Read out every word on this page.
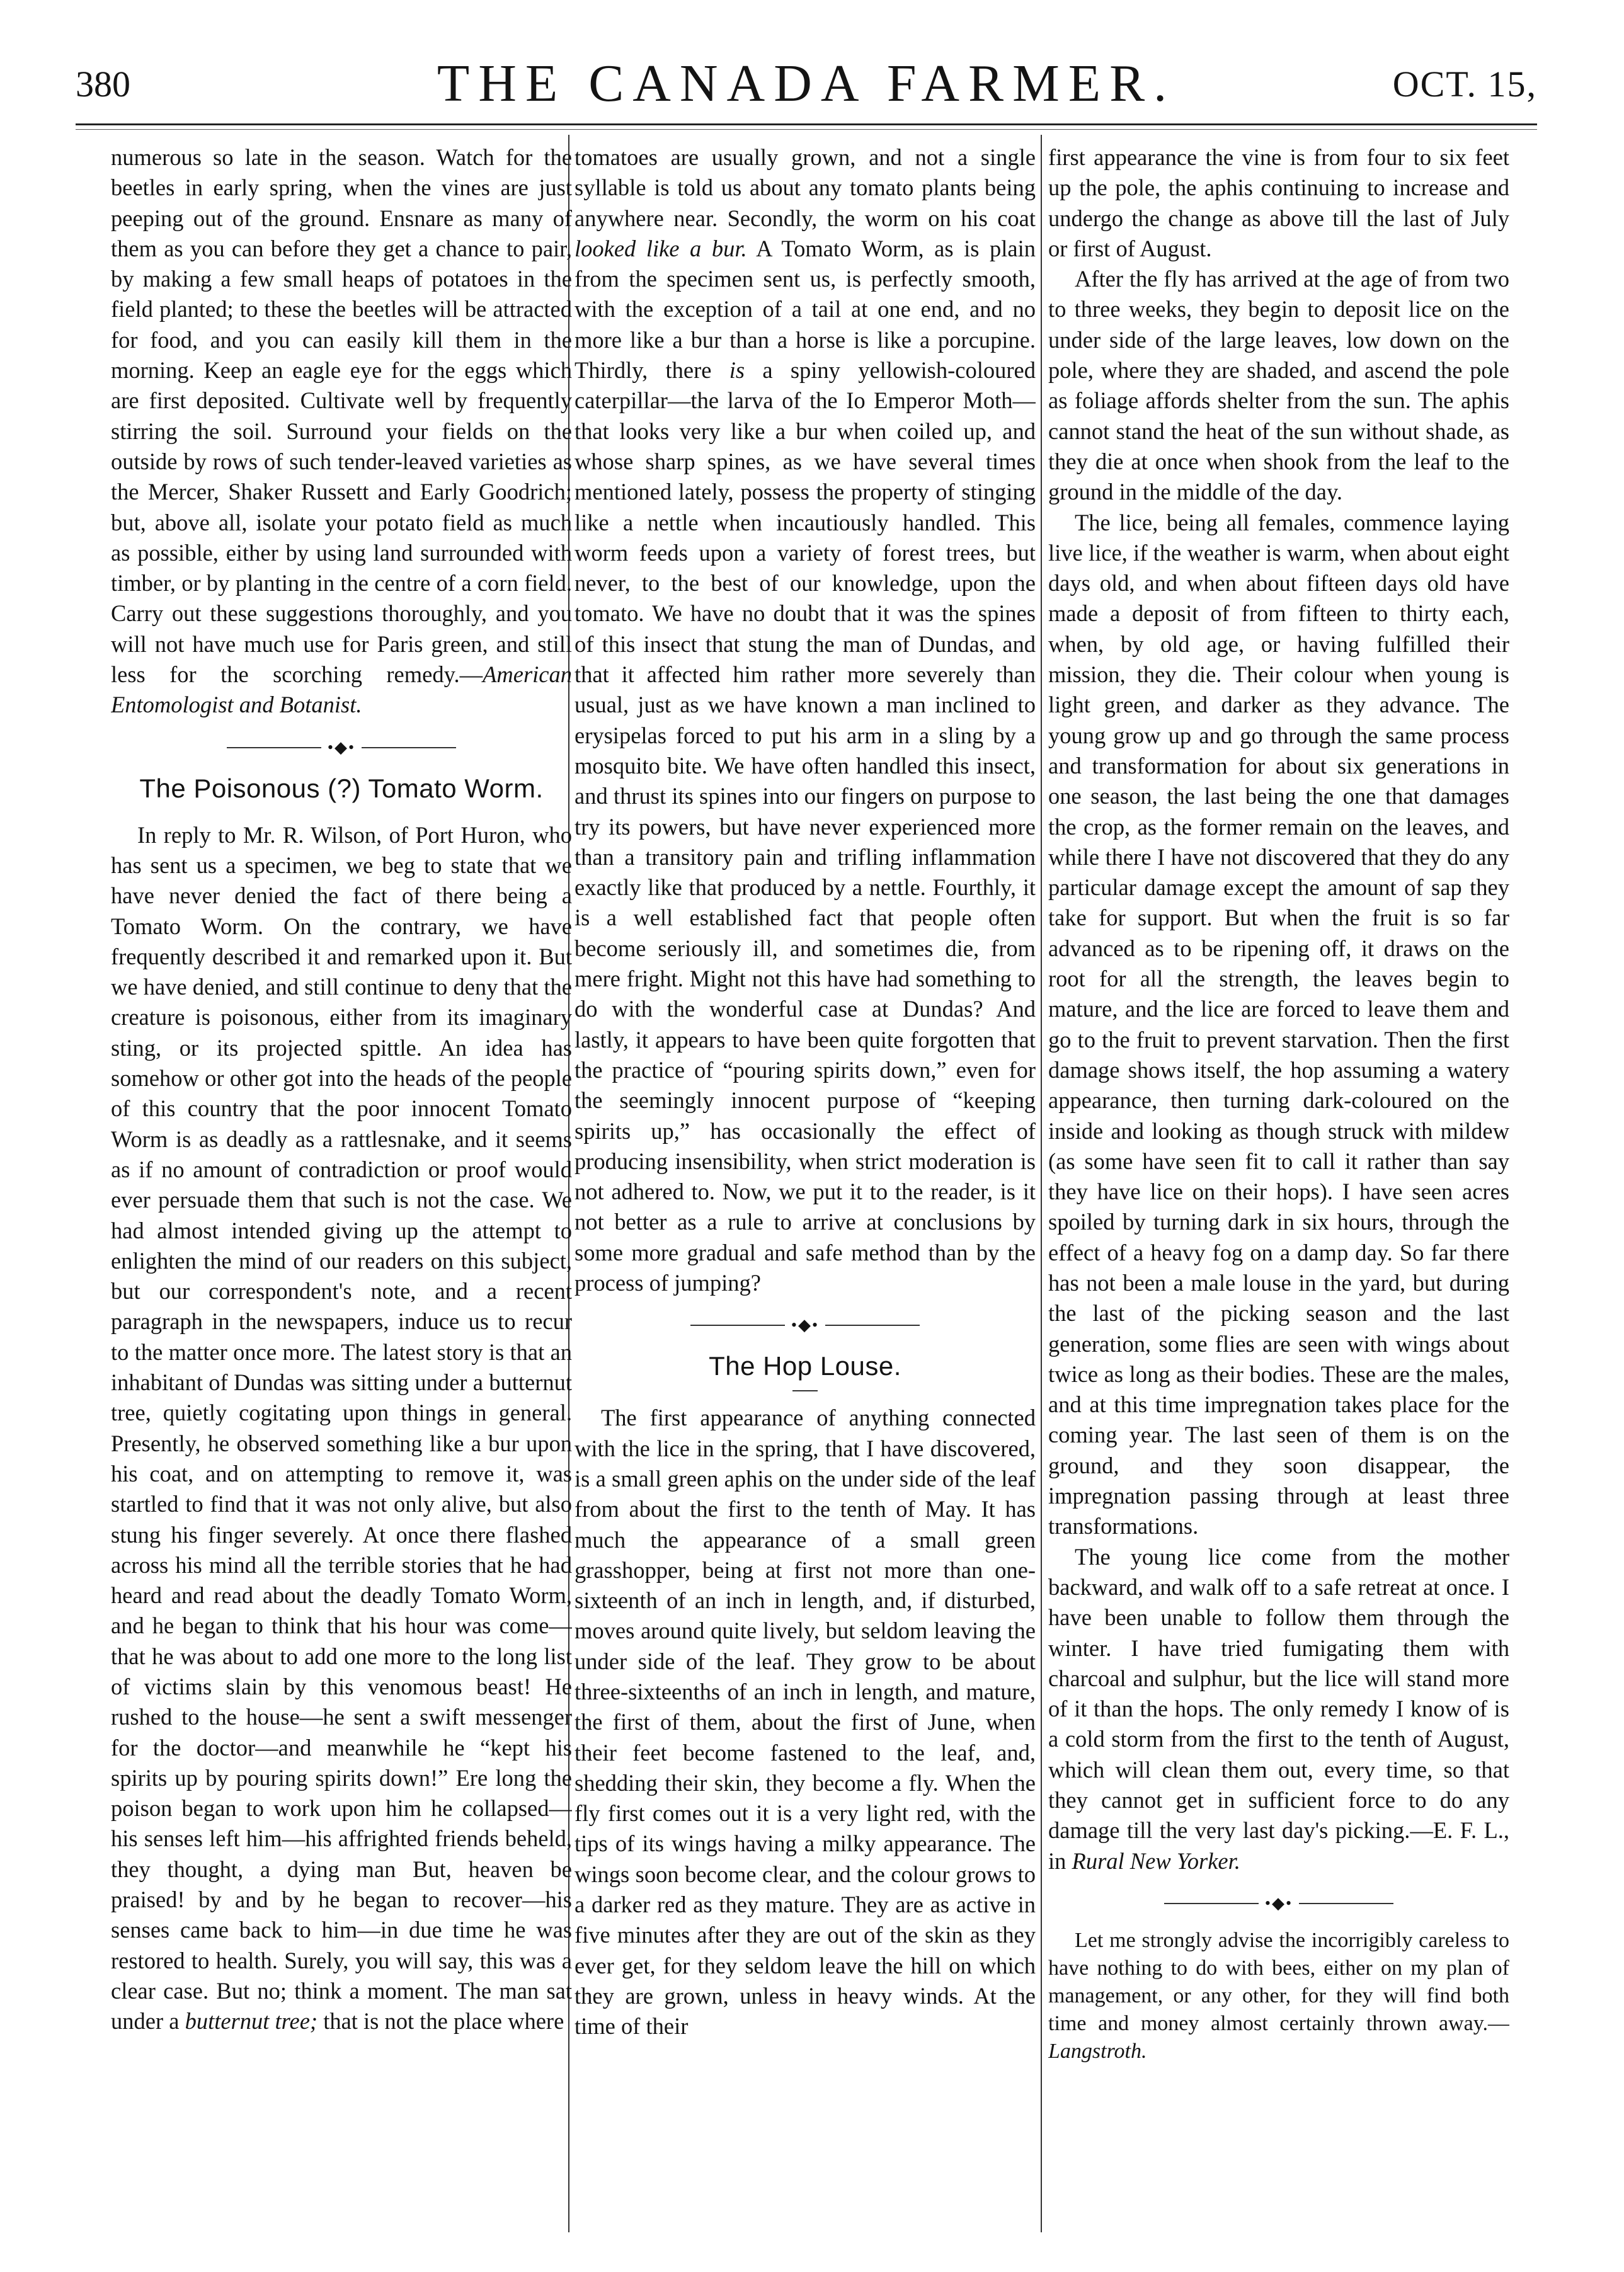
380	THE CANADA FARMER.	OCT. 15,

numerous so late in the season. Watch for the beetles in early spring, when the vines are just peeping out of the ground. Ensnare as many of them as you can before they get a chance to pair, by making a few small heaps of potatoes in the field planted; to these the beetles will be attracted for food, and you can easily kill them in the morning. Keep an eagle eye for the eggs which are first deposited. Cultivate well by frequently stirring the soil. Surround your fields on the outside by rows of such tender-leaved varieties as the Mercer, Shaker Russett and Early Goodrich; but, above all, isolate your potato field as much as possible, either by using land surrounded with timber, or by planting in the centre of a corn field. Carry out these suggestions thoroughly, and you will not have much use for Paris green, and still less for the scorching remedy.—American Entomologist and Botanist.

•◆•
The Poisonous (?) Tomato Worm.

In reply to Mr. R. Wilson, of Port Huron, who has sent us a specimen, we beg to state that we have never denied the fact of there being a Tomato Worm. On the contrary, we have frequently described it and remarked upon it. But we have denied, and still continue to deny that the creature is poisonous, either from its imaginary sting, or its projected spittle. An idea has somehow or other got into the heads of the people of this country that the poor innocent Tomato Worm is as deadly as a rattlesnake, and it seems as if no amount of contradiction or proof would ever persuade them that such is not the case. We had almost intended giving up the attempt to enlighten the mind of our readers on this subject, but our correspondent's note, and a recent paragraph in the newspapers, induce us to recur to the matter once more. The latest story is that an inhabitant of Dundas was sitting under a butternut tree, quietly cogitating upon things in general. Presently, he observed something like a bur upon his coat, and on attempting to remove it, was startled to find that it was not only alive, but also stung his finger severely. At once there flashed across his mind all the terrible stories that he had heard and read about the deadly Tomato Worm, and he began to think that his hour was come—that he was about to add one more to the long list of victims slain by this venomous beast! He rushed to the house—he sent a swift messenger for the doctor—and meanwhile he “kept his spirits up by pouring spirits down!” Ere long the poison began to work upon him he collapsed—his senses left him—his affrighted friends beheld, they thought, a dying man But, heaven be praised! by and by he began to recover—his senses came back to him—in due time he was restored to health. Surely, you will say, this was a clear case. But no; think a moment. The man sat under a butternut tree; that is not the place where

tomatoes are usually grown, and not a single syllable is told us about any tomato plants being anywhere near. Secondly, the worm on his coat looked like a bur. A Tomato Worm, as is plain from the specimen sent us, is perfectly smooth, with the exception of a tail at one end, and no more like a bur than a horse is like a porcupine. Thirdly, there is a spiny yellowish-coloured caterpillar—the larva of the Io Emperor Moth—that looks very like a bur when coiled up, and whose sharp spines, as we have several times mentioned lately, possess the property of stinging like a nettle when incautiously handled. This worm feeds upon a variety of forest trees, but never, to the best of our knowledge, upon the tomato. We have no doubt that it was the spines of this insect that stung the man of Dundas, and that it affected him rather more severely than usual, just as we have known a man inclined to erysipelas forced to put his arm in a sling by a mosquito bite. We have often handled this insect, and thrust its spines into our fingers on purpose to try its powers, but have never experienced more than a transitory pain and trifling inflammation exactly like that produced by a nettle. Fourthly, it is a well established fact that people often become seriously ill, and sometimes die, from mere fright. Might not this have had something to do with the wonderful case at Dundas? And lastly, it appears to have been quite forgotten that the practice of “pouring spirits down,” even for the seemingly innocent purpose of “keeping spirits up,” has occasionally the effect of producing insensibility, when strict moderation is not adhered to. Now, we put it to the reader, is it not better as a rule to arrive at conclusions by some more gradual and safe method than by the process of jumping?

•◆•
The Hop Louse.

The first appearance of anything connected with the lice in the spring, that I have discovered, is a small green aphis on the under side of the leaf from about the first to the tenth of May. It has much the appearance of a small green grasshopper, being at first not more than one-sixteenth of an inch in length, and, if disturbed, moves around quite lively, but seldom leaving the under side of the leaf. They grow to be about three-sixteenths of an inch in length, and mature, the first of them, about the first of June, when their feet become fastened to the leaf, and, shedding their skin, they become a fly. When the fly first comes out it is a very light red, with the tips of its wings having a milky appearance. The wings soon become clear, and the colour grows to a darker red as they mature. They are as active in five minutes after they are out of the skin as they ever get, for they seldom leave the hill on which they are grown, unless in heavy winds. At the time of their

first appearance the vine is from four to six feet up the pole, the aphis continuing to increase and undergo the change as above till the last of July or first of August.

After the fly has arrived at the age of from two to three weeks, they begin to deposit lice on the under side of the large leaves, low down on the pole, where they are shaded, and ascend the pole as foliage affords shelter from the sun. The aphis cannot stand the heat of the sun without shade, as they die at once when shook from the leaf to the ground in the middle of the day.

The lice, being all females, commence laying live lice, if the weather is warm, when about eight days old, and when about fifteen days old have made a deposit of from fifteen to thirty each, when, by old age, or having fulfilled their mission, they die. Their colour when young is light green, and darker as they advance. The young grow up and go through the same process and transformation for about six generations in one season, the last being the one that damages the crop, as the former remain on the leaves, and while there I have not discovered that they do any particular damage except the amount of sap they take for support. But when the fruit is so far advanced as to be ripening off, it draws on the root for all the strength, the leaves begin to mature, and the lice are forced to leave them and go to the fruit to prevent starvation. Then the first damage shows itself, the hop assuming a watery appearance, then turning dark-coloured on the inside and looking as though struck with mildew (as some have seen fit to call it rather than say they have lice on their hops). I have seen acres spoiled by turning dark in six hours, through the effect of a heavy fog on a damp day. So far there has not been a male louse in the yard, but during the last of the picking season and the last generation, some flies are seen with wings about twice as long as their bodies. These are the males, and at this time impregnation takes place for the coming year. The last seen of them is on the ground, and they soon disappear, the impregnation passing through at least three transformations.

The young lice come from the mother backward, and walk off to a safe retreat at once. I have been unable to follow them through the winter. I have tried fumigating them with charcoal and sulphur, but the lice will stand more of it than the hops. The only remedy I know of is a cold storm from the first to the tenth of August, which will clean them out, every time, so that they cannot get in sufficient force to do any damage till the very last day's picking.—E. F. L., in Rural New Yorker.

•◆•

Let me strongly advise the incorrigibly careless to have nothing to do with bees, either on my plan of management, or any other, for they will find both time and money almost certainly thrown away.—Langstroth.
